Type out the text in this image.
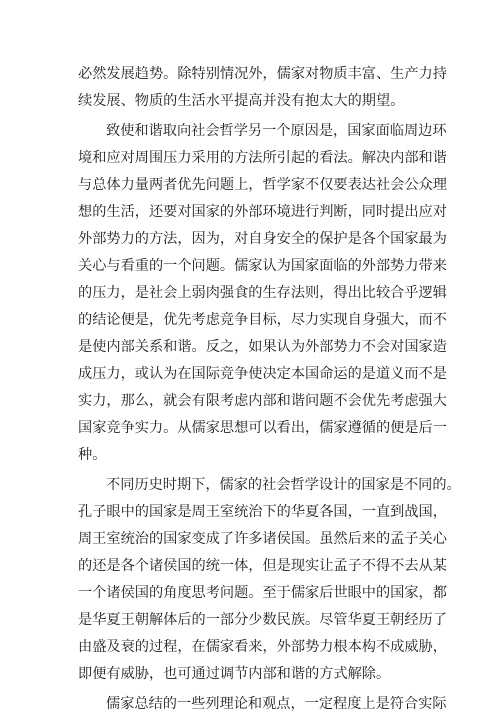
必然发展趋势。除特别情况外，儒家对物质丰富、生产力持
续发展、物质的生活水平提高并没有抱太大的期望。
致使和谐取向社会哲学另一个原因是，国家面临周边环
境和应对周围压力采用的方法所引起的看法。解决内部和谐
与总体力量两者优先问题上，哲学家不仅要表达社会公众理
想的生活，还要对国家的外部环境进行判断，同时提出应对
外部势力的方法，因为，对自身安全的保护是各个国家最为
关心与看重的一个问题。儒家认为国家面临的外部势力带来
的压力，是社会上弱肉强食的生存法则，得出比较合乎逻辑
的结论便是，优先考虑竞争目标，尽力实现自身强大，而不
是使内部关系和谐。反之，如果认为外部势力不会对国家造
成压力，或认为在国际竞争使决定本国命运的是道义而不是
实力，那么，就会有限考虑内部和谐问题不会优先考虑强大
国家竞争实力。从儒家思想可以看出，儒家遵循的便是后一
种。
不同历史时期下，儒家的社会哲学设计的国家是不同的。
孔子眼中的国家是周王室统治下的华夏各国，一直到战国，
周王室统治的国家变成了许多诸侯国。虽然后来的孟子关心
的还是各个诸侯国的统一体，但是现实让孟子不得不去从某
一个诸侯国的角度思考问题。至于儒家后世眼中的国家，都
是华夏王朝解体后的一部分少数民族。尽管华夏王朝经历了
由盛及衰的过程，在儒家看来，外部势力根本构不成威胁，
即便有威胁，也可通过调节内部和谐的方式解除。
儒家总结的一些列理论和观点，一定程度上是符合实际
